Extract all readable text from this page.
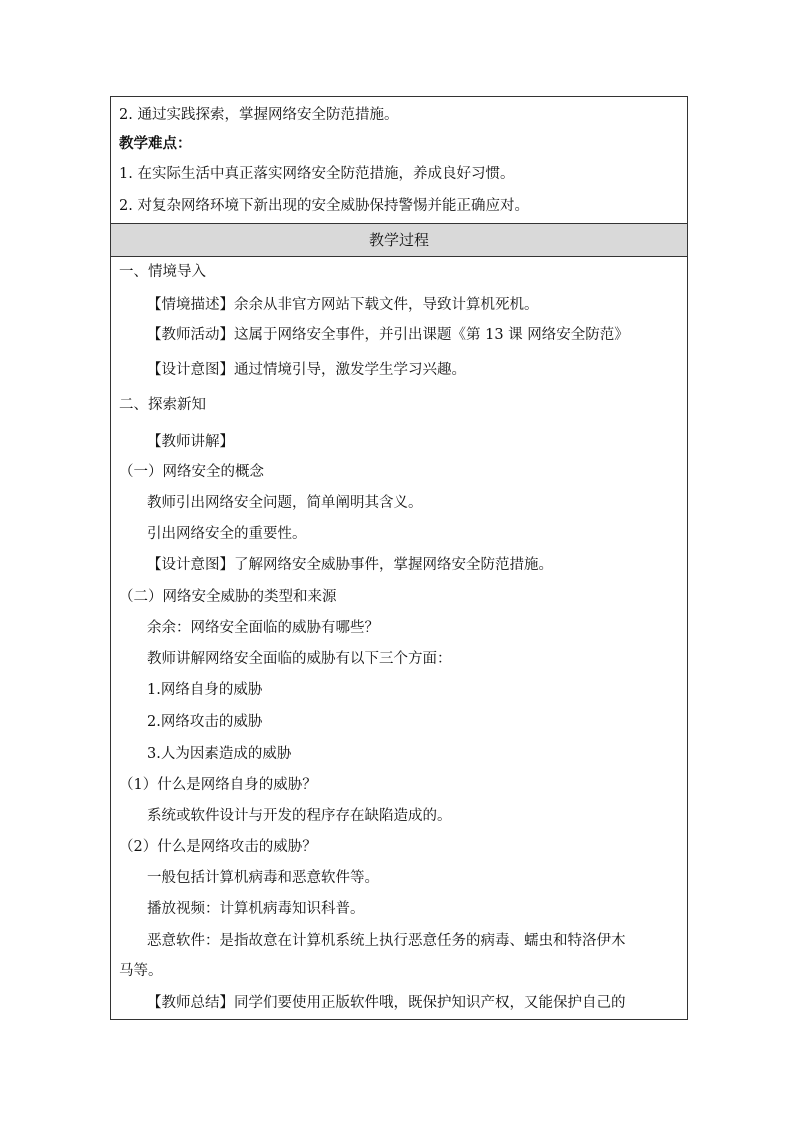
2. 通过实践探索，掌握网络安全防范措施。
教学难点：
1. 在实际生活中真正落实网络安全防范措施，养成良好习惯。
2. 对复杂网络环境下新出现的安全威胁保持警惕并能正确应对。
教学过程
一、情境导入
【情境描述】余余从非官方网站下载文件，导致计算机死机。
【教师活动】这属于网络安全事件，并引出课题《第 13 课 网络安全防范》
【设计意图】通过情境引导，激发学生学习兴趣。
二、探索新知
【教师讲解】
（一）网络安全的概念
教师引出网络安全问题，简单阐明其含义。
引出网络安全的重要性。
【设计意图】了解网络安全威胁事件，掌握网络安全防范措施。
（二）网络安全威胁的类型和来源
余余：网络安全面临的威胁有哪些？
教师讲解网络安全面临的威胁有以下三个方面：
1.网络自身的威胁
2.网络攻击的威胁
3.人为因素造成的威胁
（1）什么是网络自身的威胁？
系统或软件设计与开发的程序存在缺陷造成的。
（2）什么是网络攻击的威胁？
一般包括计算机病毒和恶意软件等。
播放视频：计算机病毒知识科普。
恶意软件：是指故意在计算机系统上执行恶意任务的病毒、蠕虫和特洛伊木
马等。
【教师总结】同学们要使用正版软件哦，既保护知识产权，又能保护自己的
